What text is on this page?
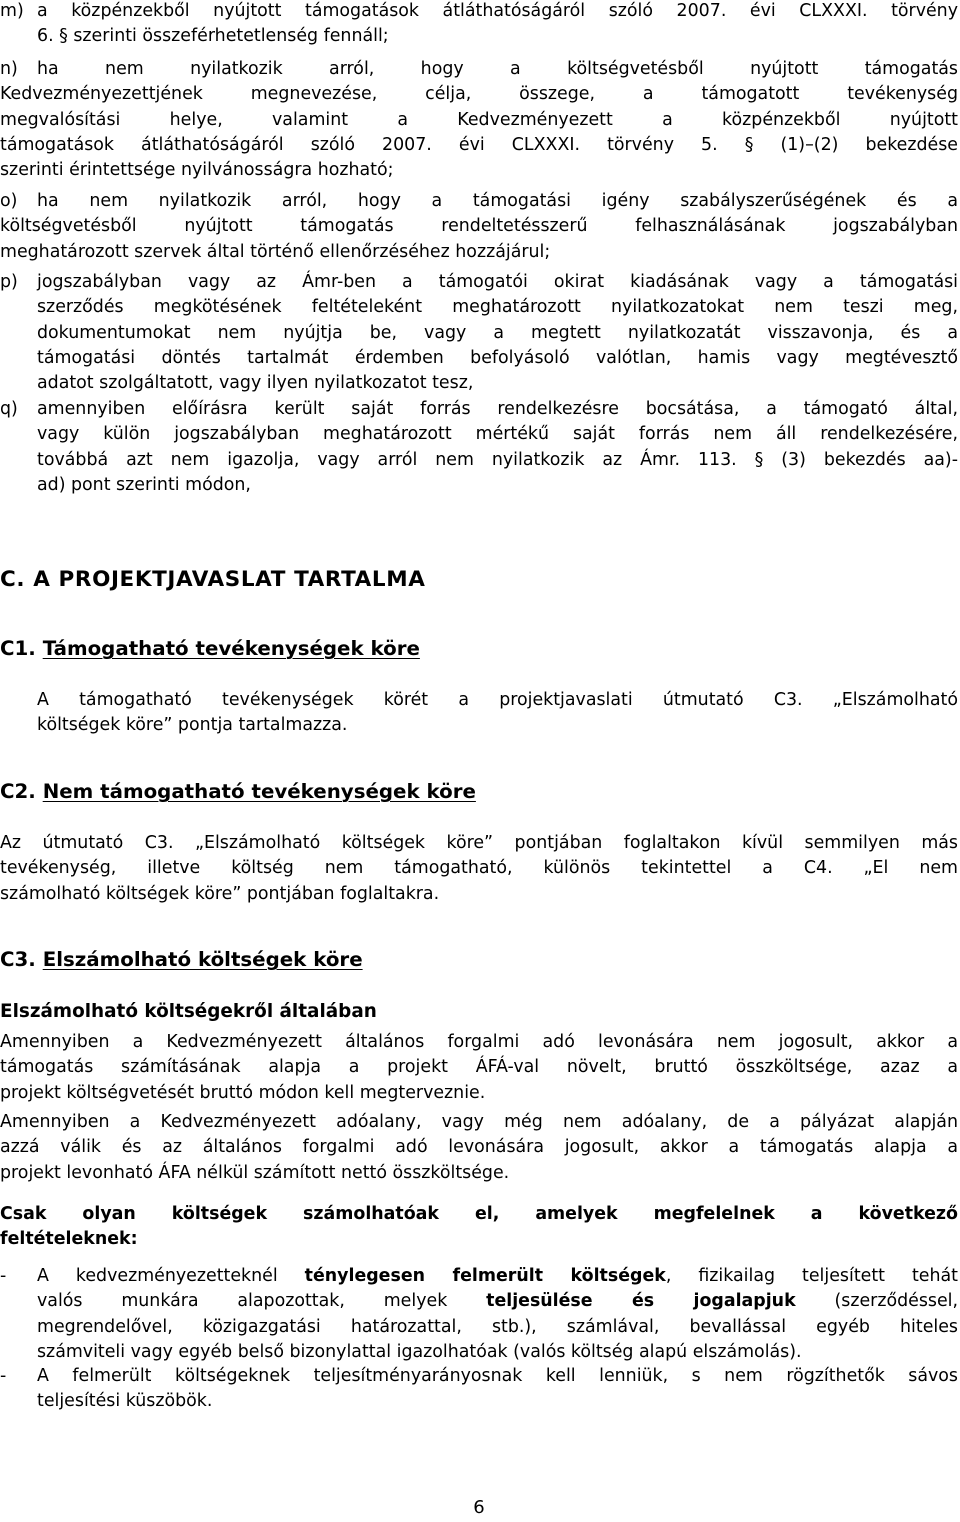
m) a közpénzekből nyújtott támogatások átláthatóságáról szóló 2007. évi CLXXXI. törvény
6. § szerinti összeférhetetlenség fennáll;
n)	ha nem nyilatkozik arról, hogy a költségvetésből nyújtott támogatás
Kedvezményezettjének megnevezése, célja, összege, a támogatott tevékenység
megvalósítási helye, valamint a Kedvezményezett a közpénzekből nyújtott
támogatások átláthatóságáról szóló 2007. évi CLXXXI. törvény 5. § (1)–(2) bekezdése
szerinti érintettsége nyilvánosságra hozható;
o)	ha nem nyilatkozik arról, hogy a támogatási igény szabályszerűségének és a
költségvetésből nyújtott támogatás rendeltetésszerű felhasználásának jogszabályban
meghatározott szervek által történő ellenőrzéséhez hozzájárul;
p)	jogszabályban vagy az Ámr-ben a támogatói okirat kiadásának vagy a támogatási
szerződés megkötésének feltételeként meghatározott nyilatkozatokat nem teszi meg,
dokumentumokat nem nyújtja be, vagy a megtett nyilatkozatát visszavonja, és a
támogatási döntés tartalmát érdemben befolyásoló valótlan, hamis vagy megtévesztő
adatot szolgáltatott, vagy ilyen nyilatkozatot tesz,
q)	amennyiben előírásra került saját forrás rendelkezésre bocsátása, a támogató által,
vagy külön jogszabályban meghatározott mértékű saját forrás nem áll rendelkezésére,
továbbá azt nem igazolja, vagy arról nem nyilatkozik az Ámr. 113. § (3) bekezdés aa)-
ad) pont szerinti módon,
C. A PROJEKTJAVASLAT TARTALMA
C1. Támogatható tevékenységek köre
A támogatható tevékenységek körét a projektjavaslati útmutató C3. „Elszámolható
költségek köre” pontja tartalmazza.
C2. Nem támogatható tevékenységek köre
Az útmutató C3. „Elszámolható költségek köre” pontjában foglaltakon kívül semmilyen más
tevékenység, illetve költség nem támogatható, különös tekintettel a C4. „El nem
számolható költségek köre” pontjában foglaltakra.
C3. Elszámolható költségek köre
Elszámolható költségekről általában
Amennyiben a Kedvezményezett általános forgalmi adó levonására nem jogosult, akkor a
támogatás számításának alapja a projekt ÁFÁ-val növelt, bruttó összköltsége, azaz a
projekt költségvetését bruttó módon kell megterveznie.
Amennyiben a Kedvezményezett adóalany, vagy még nem adóalany, de a pályázat alapján
azzá válik és az általános forgalmi adó levonására jogosult, akkor a támogatás alapja a
projekt levonható ÁFA nélkül számított nettó összköltsége.
Csak olyan költségek számolhatóak el, amelyek megfelelnek a következő
feltételeknek:
-	A kedvezményezetteknél ténylegesen felmerült költségek, fizikailag teljesített tehát
valós munkára alapozottak, melyek teljesülése és jogalapjuk (szerződéssel,
megrendelővel, közigazgatási határozattal, stb.), számlával, bevallással egyéb hiteles
számviteli vagy egyéb belső bizonylattal igazolhatóak (valós költség alapú elszámolás).
-	A felmerült költségeknek teljesítményarányosnak kell lenniük, s nem rögzíthetők sávos
teljesítési küszöbök.
6
